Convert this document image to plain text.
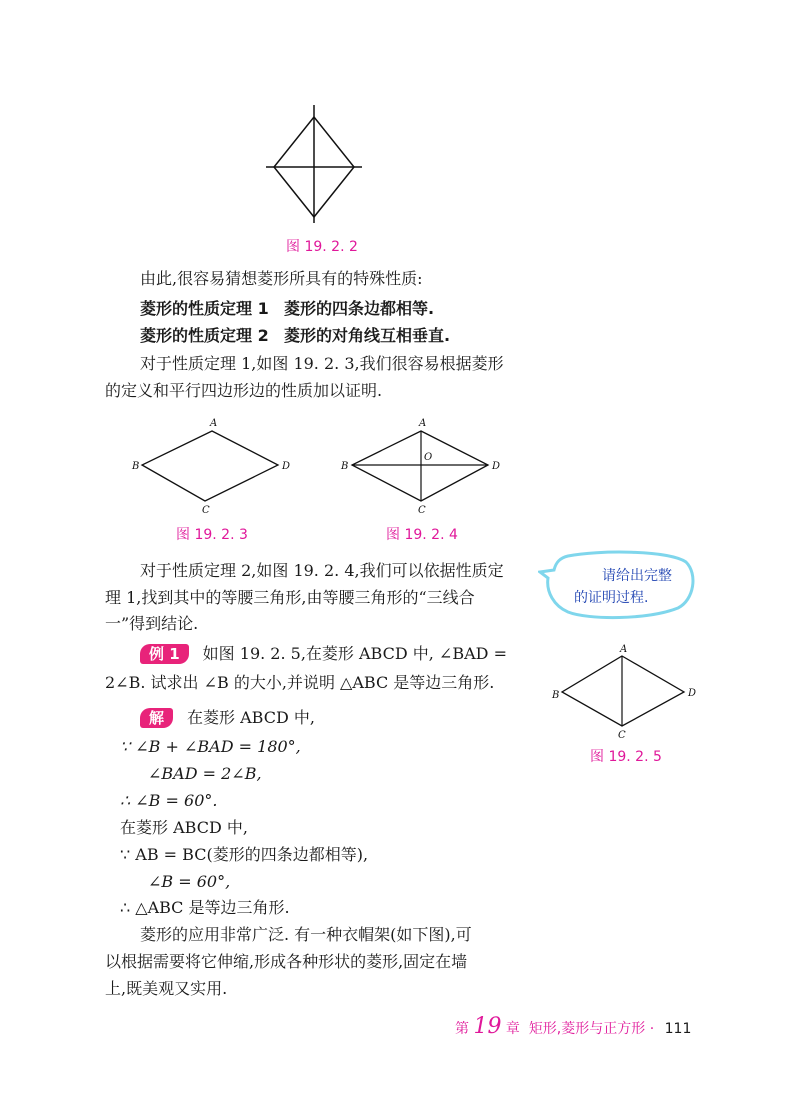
图 19. 2. 2
由此,很容易猜想菱形所具有的特殊性质:
菱形的性质定理 1 菱形的四条边都相等.
菱形的性质定理 2 菱形的对角线互相垂直.
对于性质定理 1,如图 19. 2. 3,我们很容易根据菱形
的定义和平行四边形边的性质加以证明.
A
B
C
D
图 19. 2. 3
A
B
C
D
O
图 19. 2. 4
对于性质定理 2,如图 19. 2. 4,我们可以依据性质定
理 1,找到其中的等腰三角形,由等腰三角形的“三线合
一”得到结论.
请给出完整
的证明过程.
例 1 如图 19. 2. 5,在菱形 ABCD 中, ∠BAD =
2∠B. 试求出 ∠B 的大小,并说明 △ABC 是等边三角形.
A
B
C
D
图 19. 2. 5
解 在菱形 ABCD 中,
∵ ∠B + ∠BAD = 180°,
∠BAD = 2∠B,
∴ ∠B = 60°.
在菱形 ABCD 中,
∵ AB = BC(菱形的四条边都相等),
∠B = 60°,
∴ △ABC 是等边三角形.
菱形的应用非常广泛. 有一种衣帽架(如下图),可
以根据需要将它伸缩,形成各种形状的菱形,固定在墙
上,既美观又实用.
第 19 章 矩形,菱形与正方形 · 111
